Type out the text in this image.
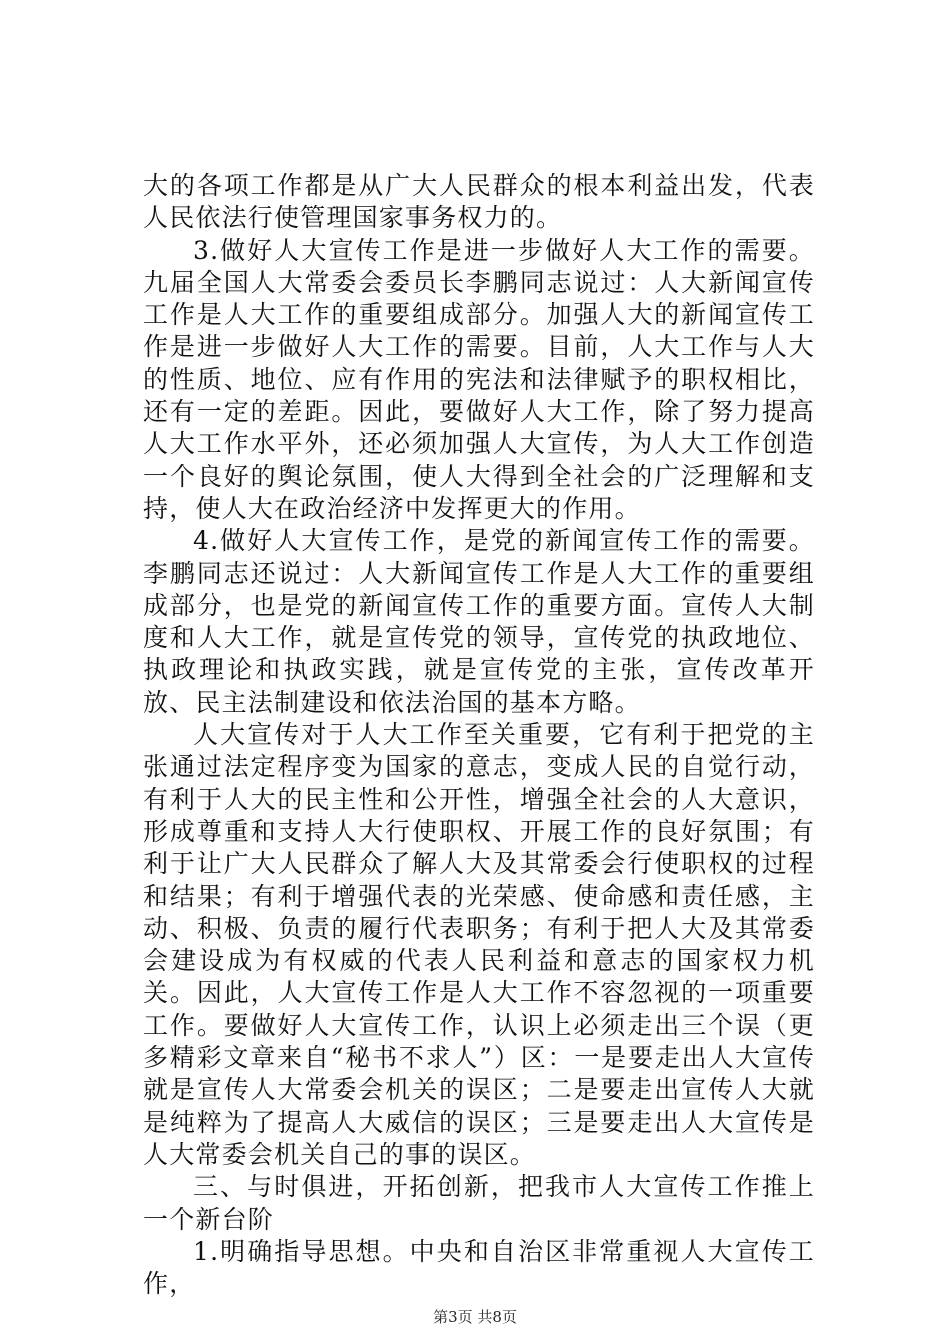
大的各项工作都是从广大人民群众的根本利益出发，代表人民依法行使管理国家事务权力的。

3.做好人大宣传工作是进一步做好人大工作的需要。九届全国人大常委会委员长李鹏同志说过：人大新闻宣传工作是人大工作的重要组成部分。加强人大的新闻宣传工作是进一步做好人大工作的需要。目前，人大工作与人大的性质、地位、应有作用的宪法和法律赋予的职权相比，还有一定的差距。因此，要做好人大工作，除了努力提高人大工作水平外，还必须加强人大宣传，为人大工作创造一个良好的舆论氛围，使人大得到全社会的广泛理解和支持，使人大在政治经济中发挥更大的作用。

4.做好人大宣传工作，是党的新闻宣传工作的需要。李鹏同志还说过：人大新闻宣传工作是人大工作的重要组成部分，也是党的新闻宣传工作的重要方面。宣传人大制度和人大工作，就是宣传党的领导，宣传党的执政地位、执政理论和执政实践，就是宣传党的主张，宣传改革开放、民主法制建设和依法治国的基本方略。

人大宣传对于人大工作至关重要，它有利于把党的主张通过法定程序变为国家的意志，变成人民的自觉行动，有利于人大的民主性和公开性，增强全社会的人大意识，形成尊重和支持人大行使职权、开展工作的良好氛围；有利于让广大人民群众了解人大及其常委会行使职权的过程和结果；有利于增强代表的光荣感、使命感和责任感，主动、积极、负责的履行代表职务；有利于把人大及其常委会建设成为有权威的代表人民利益和意志的国家权力机关。因此，人大宣传工作是人大工作不容忽视的一项重要工作。要做好人大宣传工作，认识上必须走出三个误（更多精彩文章来自“秘书不求人”）区：一是要走出人大宣传就是宣传人大常委会机关的误区；二是要走出宣传人大就是纯粹为了提高人大威信的误区；三是要走出人大宣传是人大常委会机关自己的事的误区。

三、与时俱进，开拓创新，把我市人大宣传工作推上一个新台阶

1.明确指导思想。中央和自治区非常重视人大宣传工作，

第3页 共8页
